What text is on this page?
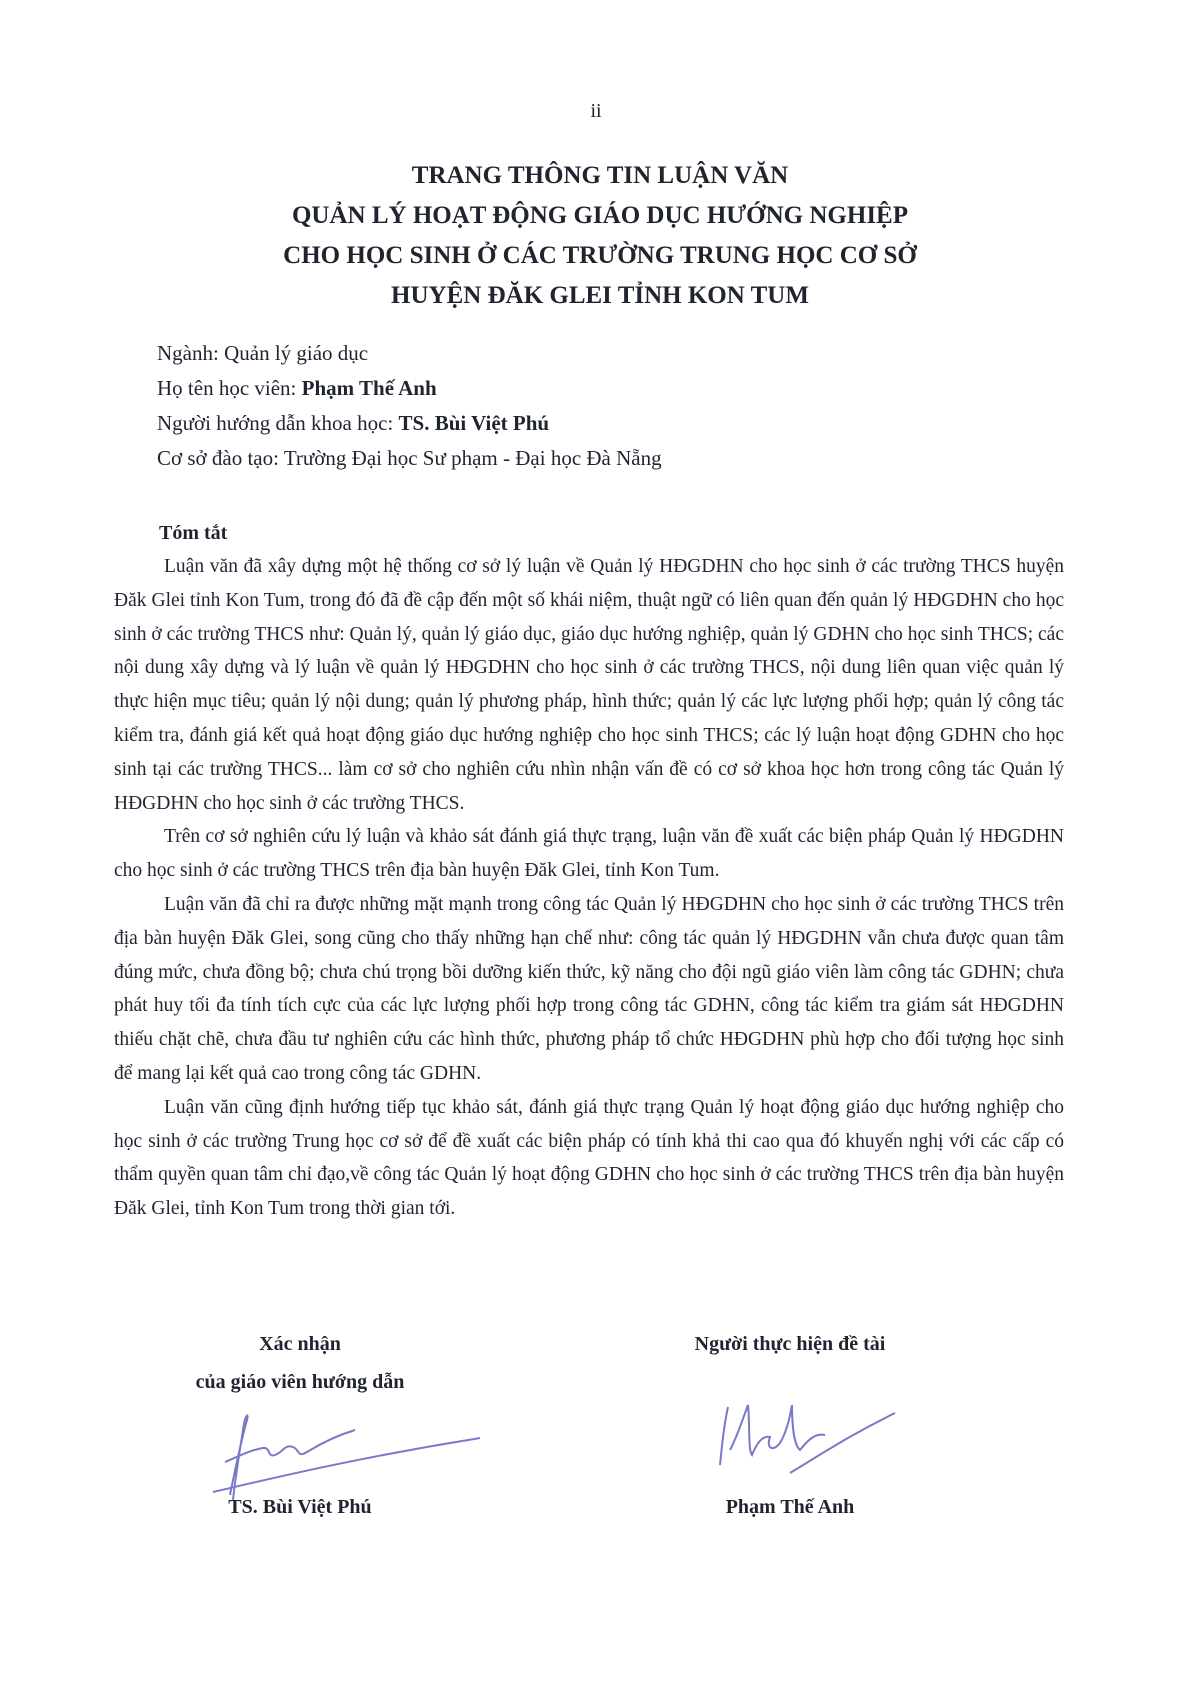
ii
TRANG THÔNG TIN LUẬN VĂN
QUẢN LÝ HOẠT ĐỘNG GIÁO DỤC HƯỚNG NGHIỆP
CHO HỌC SINH Ở CÁC TRƯỜNG TRUNG HỌC CƠ SỞ
HUYỆN ĐĂK GLEI TỈNH KON TUM
Ngành: Quản lý giáo dục
Họ tên học viên: Phạm Thế Anh
Người hướng dẫn khoa học: TS. Bùi Việt Phú
Cơ sở đào tạo: Trường Đại học Sư phạm - Đại học Đà Nẵng
Tóm tắt

Luận văn đã xây dựng một hệ thống cơ sở lý luận về Quản lý HĐGDHN cho học sinh ở các trường THCS huyện Đăk Glei tỉnh Kon Tum, trong đó đã đề cập đến một số khái niệm, thuật ngữ có liên quan đến quản lý HĐGDHN cho học sinh ở các trường THCS như: Quản lý, quản lý giáo dục, giáo dục hướng nghiệp, quản lý GDHN cho học sinh THCS; các nội dung xây dựng và lý luận về quản lý HĐGDHN cho học sinh ở các trường THCS, nội dung liên quan việc quản lý thực hiện mục tiêu; quản lý nội dung; quản lý phương pháp, hình thức; quản lý các lực lượng phối hợp; quản lý công tác kiểm tra, đánh giá kết quả hoạt động giáo dục hướng nghiệp cho học sinh THCS; các lý luận hoạt động GDHN cho học sinh tại các trường THCS... làm cơ sở cho nghiên cứu nhìn nhận vấn đề có cơ sở khoa học hơn trong công tác Quản lý HĐGDHN cho học sinh ở các trường THCS.

Trên cơ sở nghiên cứu lý luận và khảo sát đánh giá thực trạng, luận văn đề xuất các biện pháp Quản lý HĐGDHN cho học sinh ở các trường THCS trên địa bàn huyện Đăk Glei, tỉnh Kon Tum.

Luận văn đã chỉ ra được những mặt mạnh trong công tác Quản lý HĐGDHN cho học sinh ở các trường THCS trên địa bàn huyện Đăk Glei, song cũng cho thấy những hạn chế như: công tác quản lý HĐGDHN vẫn chưa được quan tâm đúng mức, chưa đồng bộ; chưa chú trọng bồi dưỡng kiến thức, kỹ năng cho đội ngũ giáo viên làm công tác GDHN; chưa phát huy tối đa tính tích cực của các lực lượng phối hợp trong công tác GDHN, công tác kiểm tra giám sát HĐGDHN thiếu chặt chẽ, chưa đầu tư nghiên cứu các hình thức, phương pháp tổ chức HĐGDHN phù hợp cho đối tượng học sinh để mang lại kết quả cao trong công tác GDHN.

Luận văn cũng định hướng tiếp tục khảo sát, đánh giá thực trạng Quản lý hoạt động giáo dục hướng nghiệp cho học sinh ở các trường Trung học cơ sở để đề xuất các biện pháp có tính khả thi cao qua đó khuyến nghị với các cấp có thẩm quyền quan tâm chỉ đạo,về công tác Quản lý hoạt động GDHN cho học sinh ở các trường THCS trên địa bàn huyện Đăk Glei, tỉnh Kon Tum trong thời gian tới.

Xác nhận
của giáo viên hướng dẫn
Người thực hiện đề tài
TS. Bùi Việt Phú	Phạm Thế Anh
